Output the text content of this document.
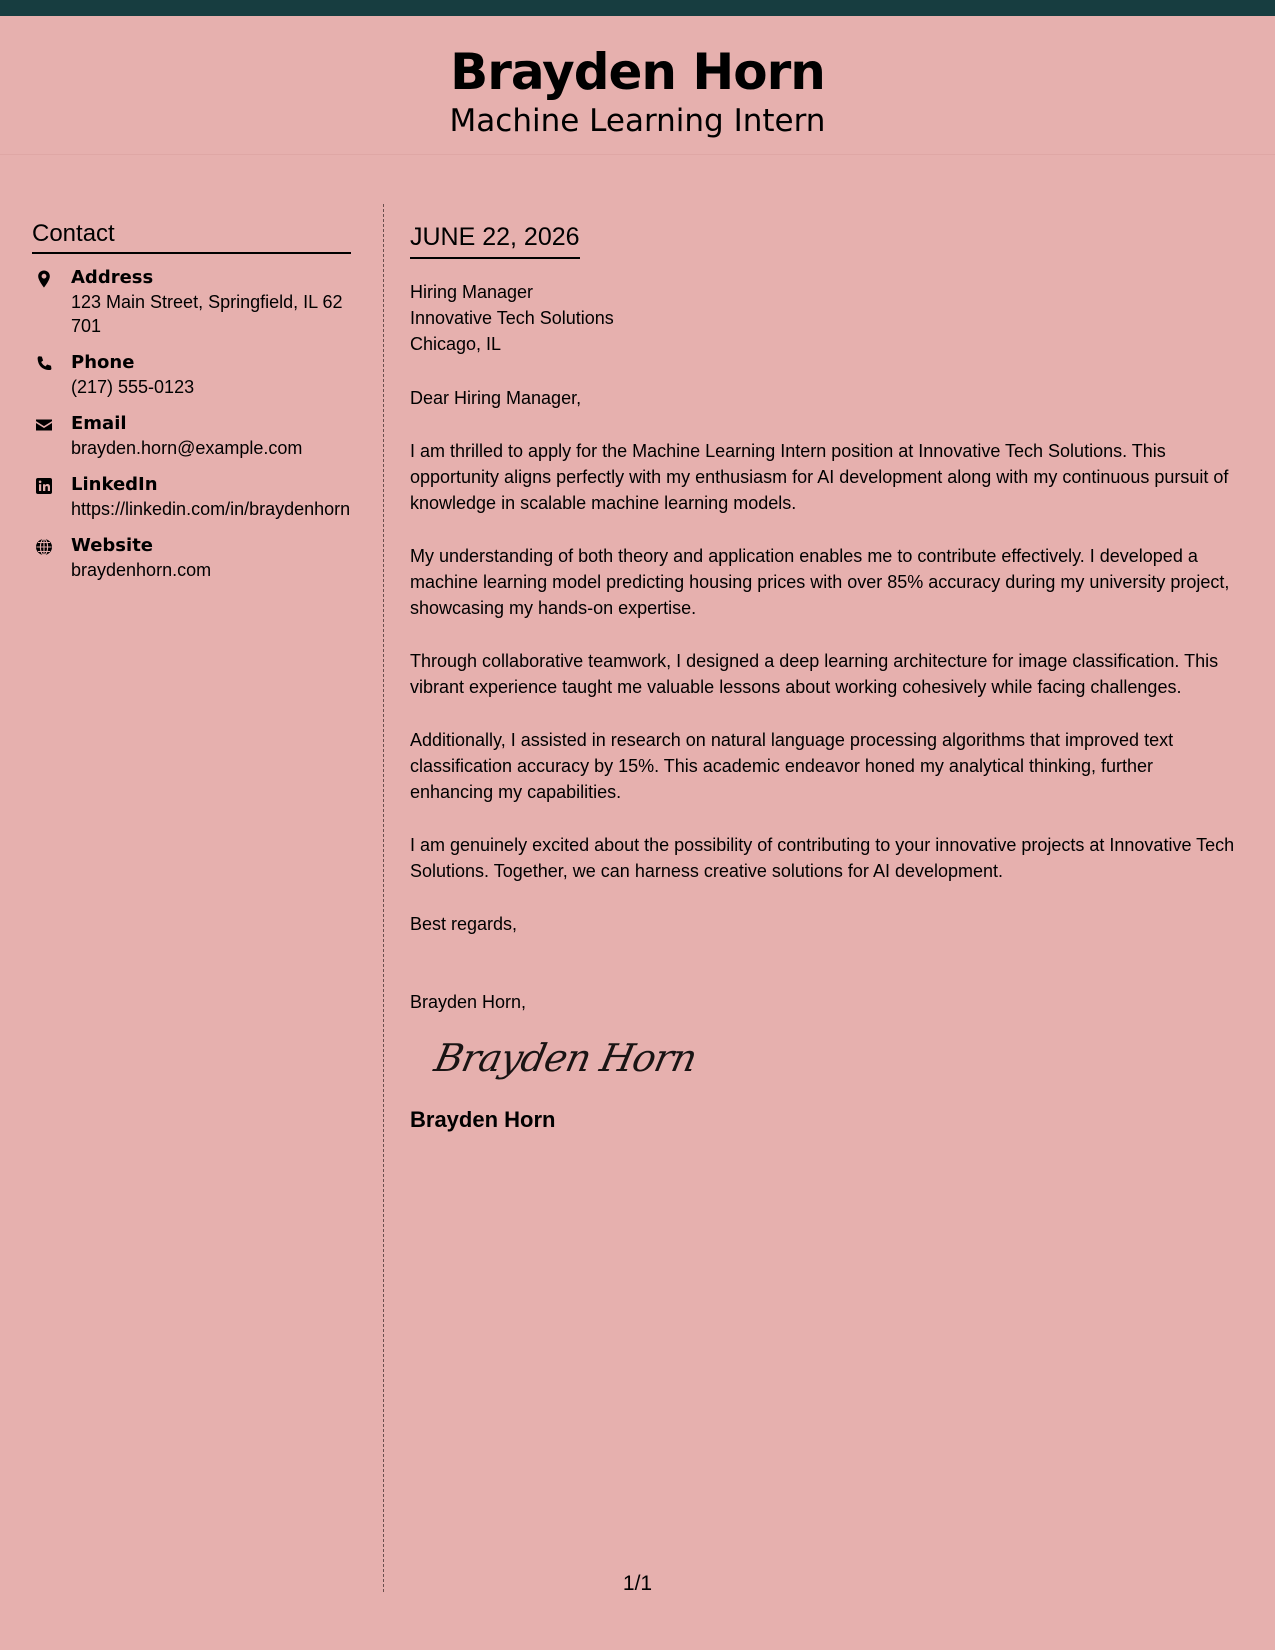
Brayden Horn
Machine Learning Intern
Contact
Address
123 Main Street, Springfield, IL 62701
Phone
(217) 555-0123
Email
brayden.horn@example.com
LinkedIn
https://linkedin.com/in/braydenhorn
Website
braydenhorn.com
JUNE 22, 2026
Hiring Manager
Innovative Tech Solutions
Chicago, IL
Dear Hiring Manager,
I am thrilled to apply for the Machine Learning Intern position at Innovative Tech Solutions. This opportunity aligns perfectly with my enthusiasm for AI development along with my continuous pursuit of knowledge in scalable machine learning models.
My understanding of both theory and application enables me to contribute effectively. I developed a machine learning model predicting housing prices with over 85% accuracy during my university project, showcasing my hands-on expertise.
Through collaborative teamwork, I designed a deep learning architecture for image classification. This vibrant experience taught me valuable lessons about working cohesively while facing challenges.
Additionally, I assisted in research on natural language processing algorithms that improved text classification accuracy by 15%. This academic endeavor honed my analytical thinking, further enhancing my capabilities.
I am genuinely excited about the possibility of contributing to your innovative projects at Innovative Tech Solutions. Together, we can harness creative solutions for AI development.
Best regards,
Brayden Horn,
Brayden Horn
Brayden Horn
1/1
